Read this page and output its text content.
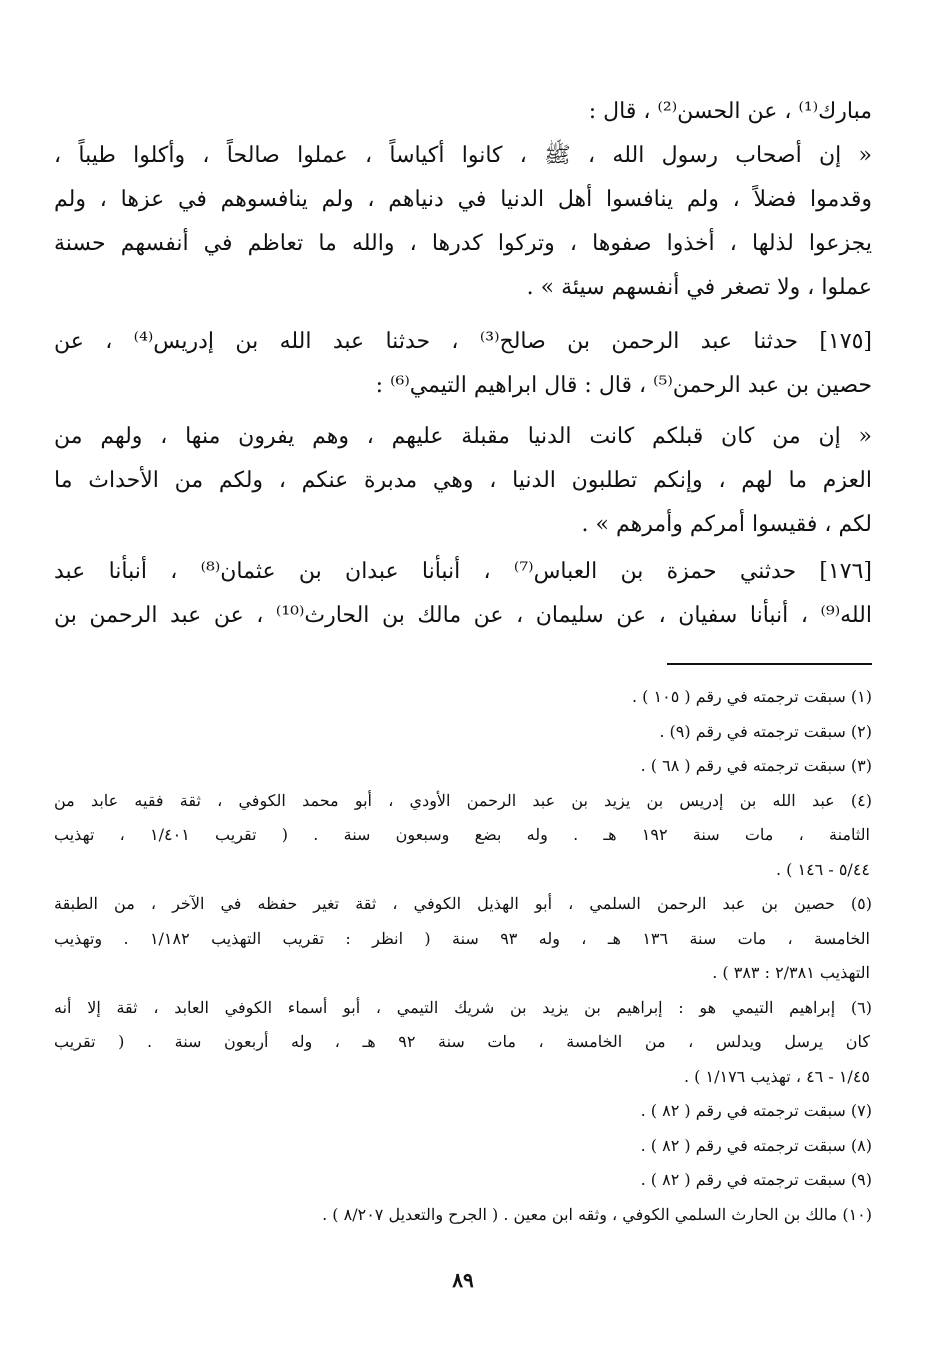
مبارك⁽¹⁾ ، عن الحسن⁽²⁾ ، قال :
« إن أصحاب رسول الله ، ﷺ ، كانوا أكياساً ، عملوا صالحاً ، وأكلوا طيباً ،
وقدموا فضلاً ، ولم ينافسوا أهل الدنيا في دنياهم ، ولم ينافسوهم في عزها ، ولم
يجزعوا لذلها ، أخذوا صفوها ، وتركوا كدرها ، والله ما تعاظم في أنفسهم حسنة
عملوا ، ولا تصغر في أنفسهم سيئة » .
[١٧٥] حدثنا عبد الرحمن بن صالح⁽³⁾ ، حدثنا عبد الله بن إدريس⁽⁴⁾ ، عن
حصين بن عبد الرحمن⁽⁵⁾ ، قال : قال ابراهيم التيمي⁽⁶⁾ :
« إن من كان قبلكم كانت الدنيا مقبلة عليهم ، وهم يفرون منها ، ولهم من
العزم ما لهم ، وإنكم تطلبون الدنيا ، وهي مدبرة عنكم ، ولكم من الأحداث ما
لكم ، فقيسوا أمركم وأمرهم » .
[١٧٦] حدثني حمزة بن العباس⁽⁷⁾ ، أنبأنا عبدان بن عثمان⁽⁸⁾ ، أنبأنا عبد
الله⁽⁹⁾ ، أنبأنا سفيان ، عن سليمان ، عن مالك بن الحارث⁽¹⁰⁾ ، عن عبد الرحمن بن
(١) سبقت ترجمته في رقم ( ١٠٥ ) .
(٢) سبقت ترجمته في رقم (٩) .
(٣) سبقت ترجمته في رقم ( ٦٨ ) .
(٤) عبد الله بن إدريس بن يزيد بن عبد الرحمن الأودي ، أبو محمد الكوفي ، ثقة فقيه عابد من
الثامنة ، مات سنة ١٩٢ هـ . وله بضع وسبعون سنة . ( تقريب ١/٤٠١ ، تهذيب
٥/٤٤ - ١٤٦ ) .
(٥) حصين بن عبد الرحمن السلمي ، أبو الهذيل الكوفي ، ثقة تغير حفظه في الآخر ، من الطبقة
الخامسة ، مات سنة ١٣٦ هـ ، وله ٩٣ سنة ( انظر : تقريب التهذيب ١/١٨٢ . وتهذيب
التهذيب ٢/٣٨١ : ٣٨٣ ) .
(٦) إبراهيم التيمي هو : إبراهيم بن يزيد بن شريك التيمي ، أبو أسماء الكوفي العابد ، ثقة إلا أنه
كان يرسل ويدلس ، من الخامسة ، مات سنة ٩٢ هـ ، وله أربعون سنة . ( تقريب
١/٤٥ - ٤٦ ، تهذيب ١/١٧٦ ) .
(٧) سبقت ترجمته في رقم ( ٨٢ ) .
(٨) سبقت ترجمته في رقم ( ٨٢ ) .
(٩) سبقت ترجمته في رقم ( ٨٢ ) .
(١٠) مالك بن الحارث السلمي الكوفي ، وثقه ابن معين . ( الجرح والتعديل ٨/٢٠٧ ) .
٨٩
